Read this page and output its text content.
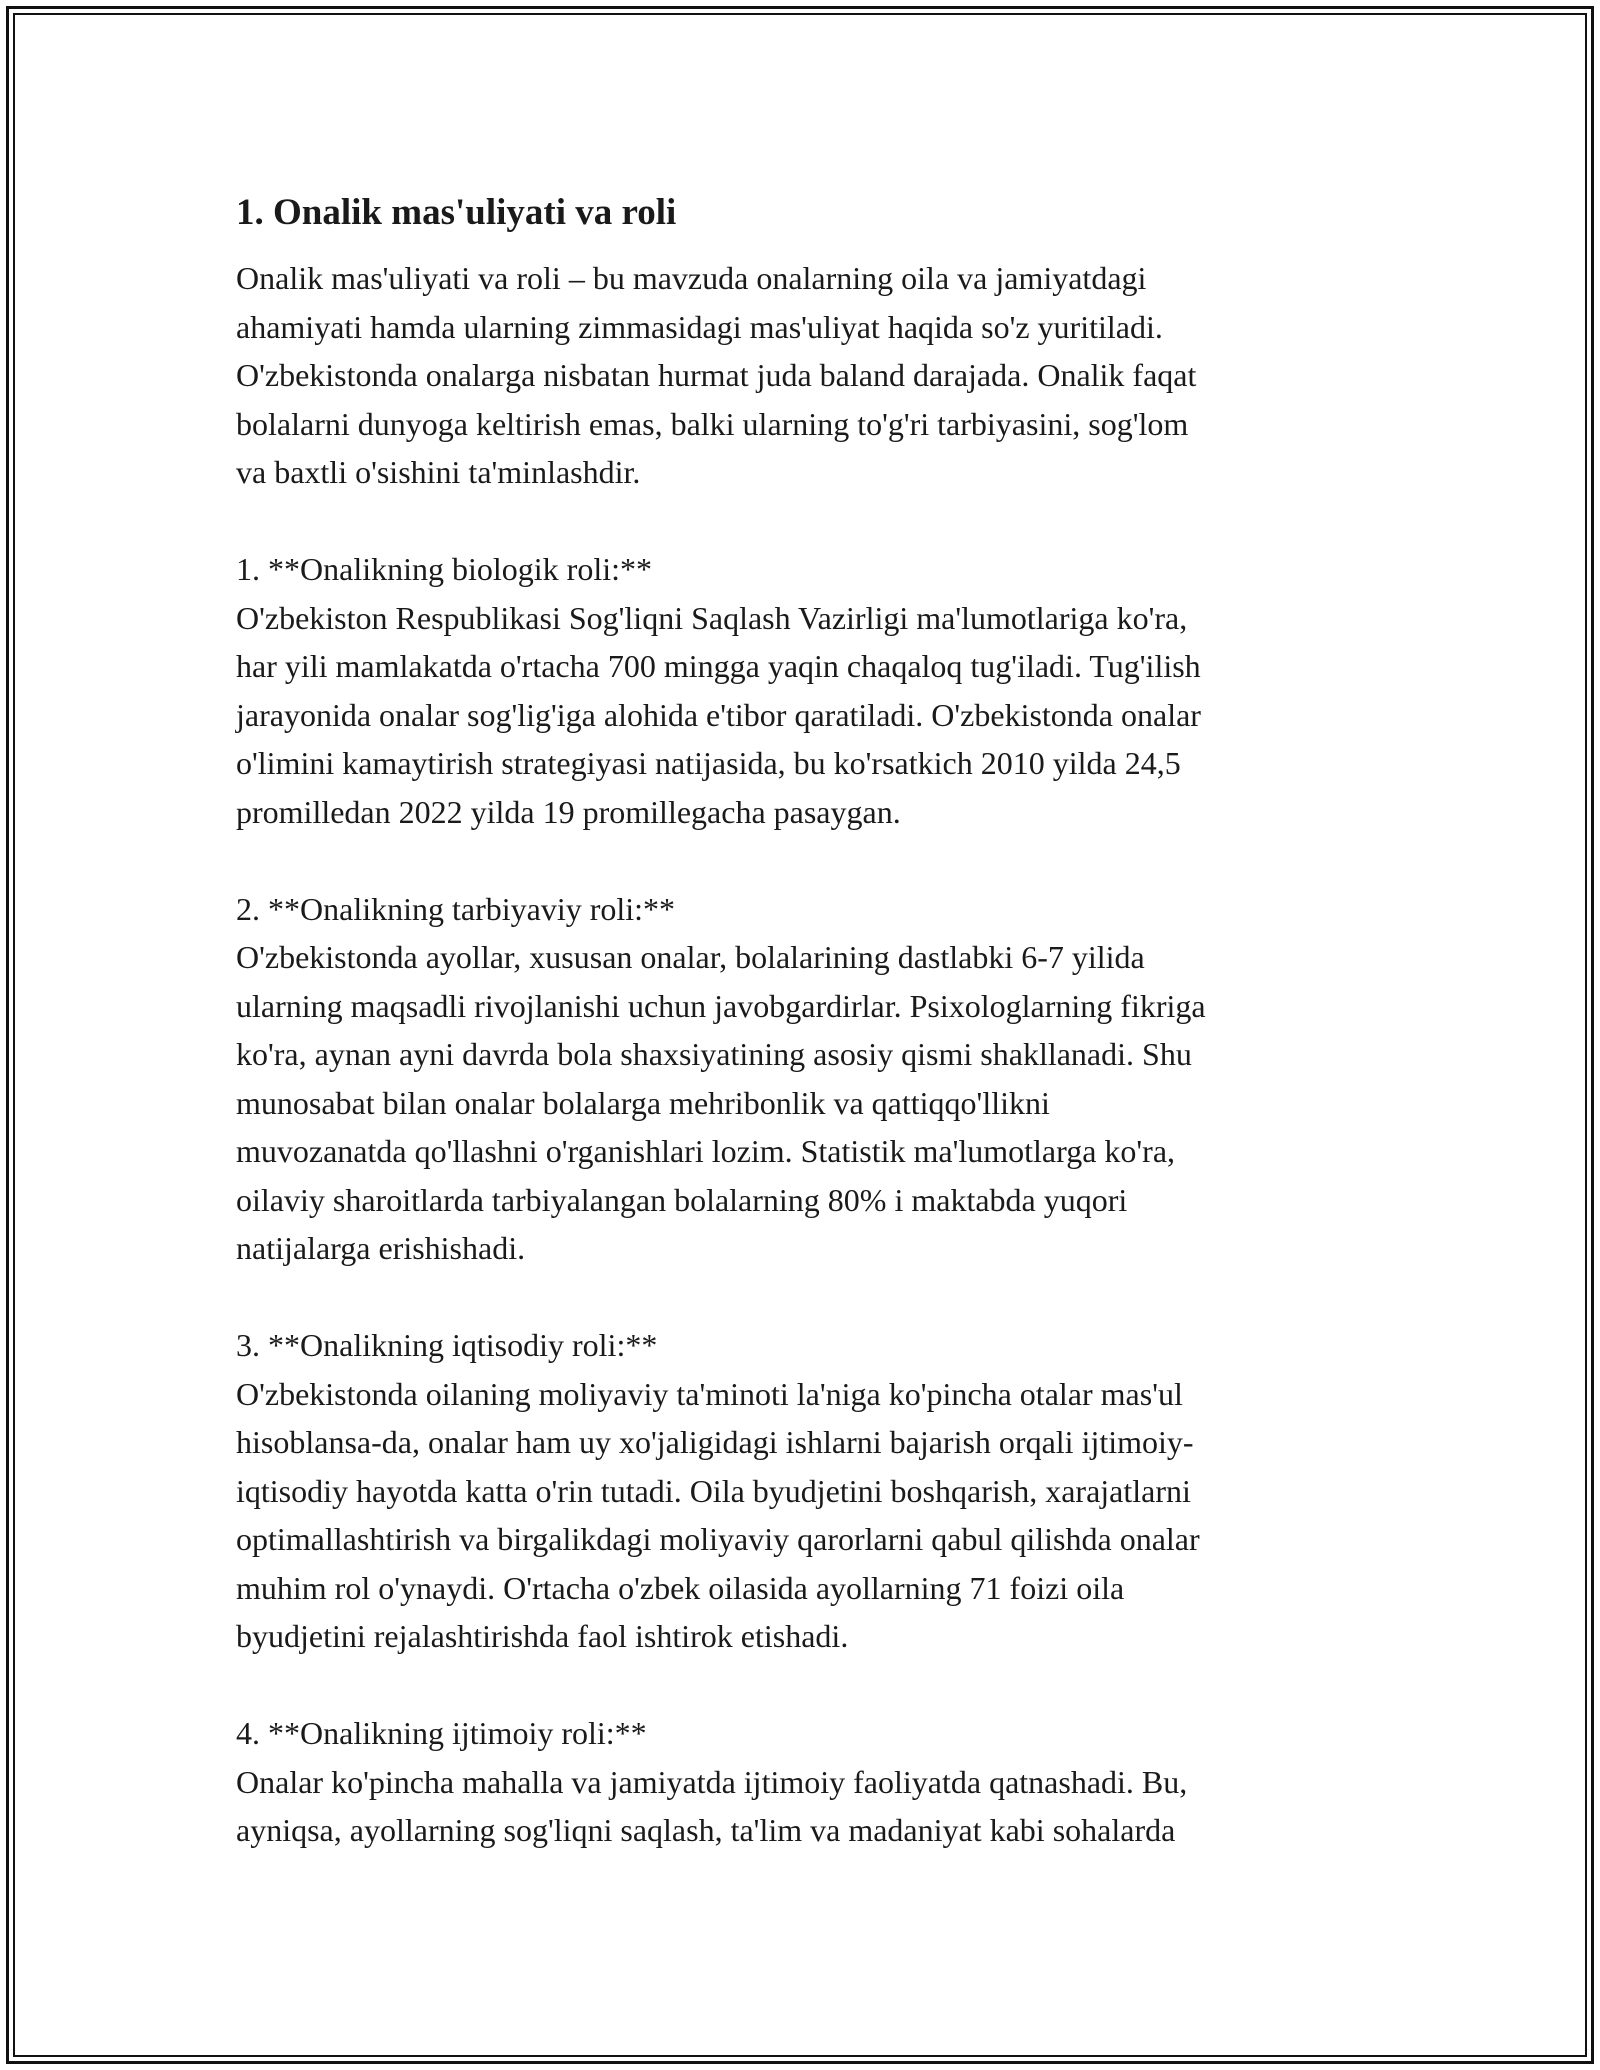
1. Onalik mas'uliyati va roli

Onalik mas'uliyati va roli – bu mavzuda onalarning oila va jamiyatdagi
ahamiyati hamda ularning zimmasidagi mas'uliyat haqida so'z yuritiladi.
O'zbekistonda onalarga nisbatan hurmat juda baland darajada. Onalik faqat
bolalarni dunyoga keltirish emas, balki ularning to'g'ri tarbiyasini, sog'lom
va baxtli o'sishini ta'minlashdir.

1. **Onalikning biologik roli:**

O'zbekiston Respublikasi Sog'liqni Saqlash Vazirligi ma'lumotlariga ko'ra,
har yili mamlakatda o'rtacha 700 mingga yaqin chaqaloq tug'iladi. Tug'ilish
jarayonida onalar sog'lig'iga alohida e'tibor qaratiladi. O'zbekistonda onalar
o'limini kamaytirish strategiyasi natijasida, bu ko'rsatkich 2010 yilda 24,5
promilledan 2022 yilda 19 promillegacha pasaygan.

2. **Onalikning tarbiyaviy roli:**

O'zbekistonda ayollar, xususan onalar, bolalarining dastlabki 6-7 yilida
ularning maqsadli rivojlanishi uchun javobgardirlar. Psixologlarning fikriga
ko'ra, aynan ayni davrda bola shaxsiyatining asosiy qismi shakllanadi. Shu
munosabat bilan onalar bolalarga mehribonlik va qattiqqo'llikni
muvozanatda qo'llashni o'rganishlari lozim. Statistik ma'lumotlarga ko'ra,
oilaviy sharoitlarda tarbiyalangan bolalarning 80% i maktabda yuqori
natijalarga erishishadi.

3. **Onalikning iqtisodiy roli:**

O'zbekistonda oilaning moliyaviy ta'minoti la'niga ko'pincha otalar mas'ul
hisoblansa-da, onalar ham uy xo'jaligidagi ishlarni bajarish orqali ijtimoiy-
iqtisodiy hayotda katta o'rin tutadi. Oila byudjetini boshqarish, xarajatlarni
optimallashtirish va birgalikdagi moliyaviy qarorlarni qabul qilishda onalar
muhim rol o'ynaydi. O'rtacha o'zbek oilasida ayollarning 71 foizi oila
byudjetini rejalashtirishda faol ishtirok etishadi.

4. **Onalikning ijtimoiy roli:**

Onalar ko'pincha mahalla va jamiyatda ijtimoiy faoliyatda qatnashadi. Bu,
ayniqsa, ayollarning sog'liqni saqlash, ta'lim va madaniyat kabi sohalarda
